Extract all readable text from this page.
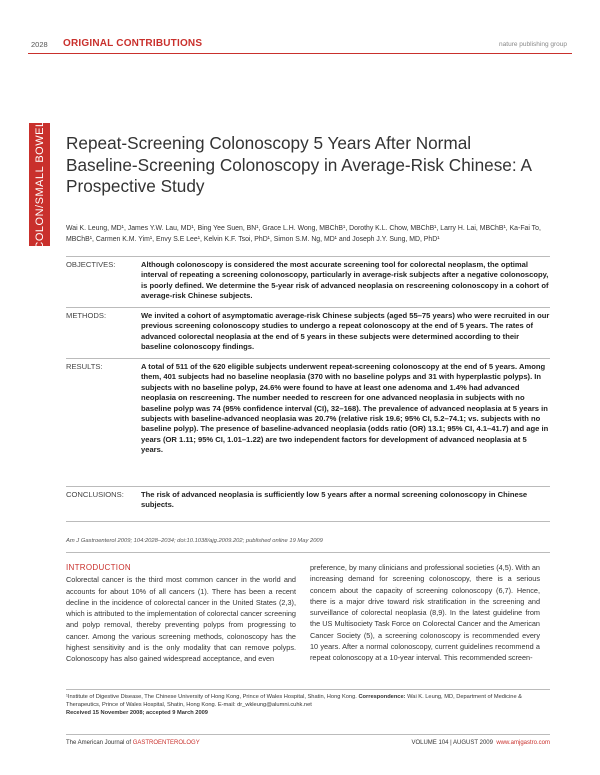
2028 ORIGINAL CONTRIBUTIONS	nature publishing group
COLON/SMALL BOWEL Repeat-Screening Colonoscopy 5 Years After Normal Baseline-Screening Colonoscopy in Average-Risk Chinese: A Prospective Study
Wai K. Leung, MD¹, James Y.W. Lau, MD¹, Bing Yee Suen, BN¹, Grace L.H. Wong, MBChB¹, Dorothy K.L. Chow, MBChB¹, Larry H. Lai, MBChB¹, Ka-Fai To, MBChB¹, Carmen K.M. Yim¹, Envy S.E Lee¹, Kelvin K.F. Tsoi, PhD¹, Simon S.M. Ng, MD¹ and Joseph J.Y. Sung, MD, PhD¹
OBJECTIVES:	Although colonoscopy is considered the most accurate screening tool for colorectal neoplasm, the optimal interval of repeating a screening colonoscopy, particularly in average-risk subjects after a negative colonoscopy, is poorly defined. We determine the 5-year risk of advanced neoplasia on rescreening colonoscopy in a cohort of average-risk Chinese subjects.
METHODS:	We invited a cohort of asymptomatic average-risk Chinese subjects (aged 55–75 years) who were recruited in our previous screening colonoscopy studies to undergo a repeat colonoscopy at the end of 5 years. The rates of advanced colorectal neoplasia at the end of 5 years in these subjects were determined according to their baseline colonoscopy findings.
RESULTS:	A total of 511 of the 620 eligible subjects underwent repeat-screening colonoscopy at the end of 5 years. Among them, 401 subjects had no baseline neoplasia (370 with no baseline polyps and 31 with hyperplastic polyps). In subjects with no baseline polyp, 24.6% were found to have at least one adenoma and 1.4% had advanced neoplasia on rescreening. The number needed to rescreen for one advanced neoplasia in subjects with no baseline polyp was 74 (95% confidence interval (CI), 32–168). The prevalence of advanced neoplasia at 5 years in subjects with baseline-advanced neoplasia was 20.7% (relative risk 19.6; 95% CI, 5.2–74.1; vs. subjects with no baseline polyp). The presence of baseline-advanced neoplasia (odds ratio (OR) 13.1; 95% CI, 4.1–41.7) and age in years (OR 1.11; 95% CI, 1.01–1.22) are two independent factors for development of advanced neoplasia at 5 years.
CONCLUSIONS:	The risk of advanced neoplasia is sufficiently low 5 years after a normal screening colonoscopy in Chinese subjects.
Am J Gastroenterol 2009; 104:2028–2034; doi:10.1038/ajg.2009.202; published online 19 May 2009
INTRODUCTION
Colorectal cancer is the third most common cancer in the world and accounts for about 10% of all cancers (1). There has been a recent decline in the incidence of colorectal cancer in the United States (2,3), which is attributed to the implementation of colorectal cancer screening and polyp removal, thereby preventing polyps from progressing to cancer. Among the various screening methods, colonoscopy has the highest sensitivity and is the only modality that can remove polyps. Colonoscopy has also gained widespread acceptance, and even
preference, by many clinicians and professional societies (4,5). With an increasing demand for screening colonoscopy, there is a serious concern about the capacity of screening colonoscopy (6,7). Hence, there is a major drive toward risk stratification in the screening and surveillance of colorectal neoplasia (8,9). In the latest guideline from the US Multisociety Task Force on Colorectal Cancer and the American Cancer Society (5), a screening colonoscopy is recommended every 10 years. After a normal colonoscopy, current guidelines recommend a repeat colonoscopy at a 10-year interval. This recommended screen-
¹Institute of Digestive Disease, The Chinese University of Hong Kong, Prince of Wales Hospital, Shatin, Hong Kong. Correspondence: Wai K. Leung, MD, Department of Medicine & Therapeutics, Prince of Wales Hospital, Shatin, Hong Kong. E-mail: dr_wkleung@alumni.cuhk.net
Received 15 November 2008; accepted 9 March 2009
The American Journal of GASTROENTEROLOGY	VOLUME 104 | AUGUST 2009 www.amjgastro.com
